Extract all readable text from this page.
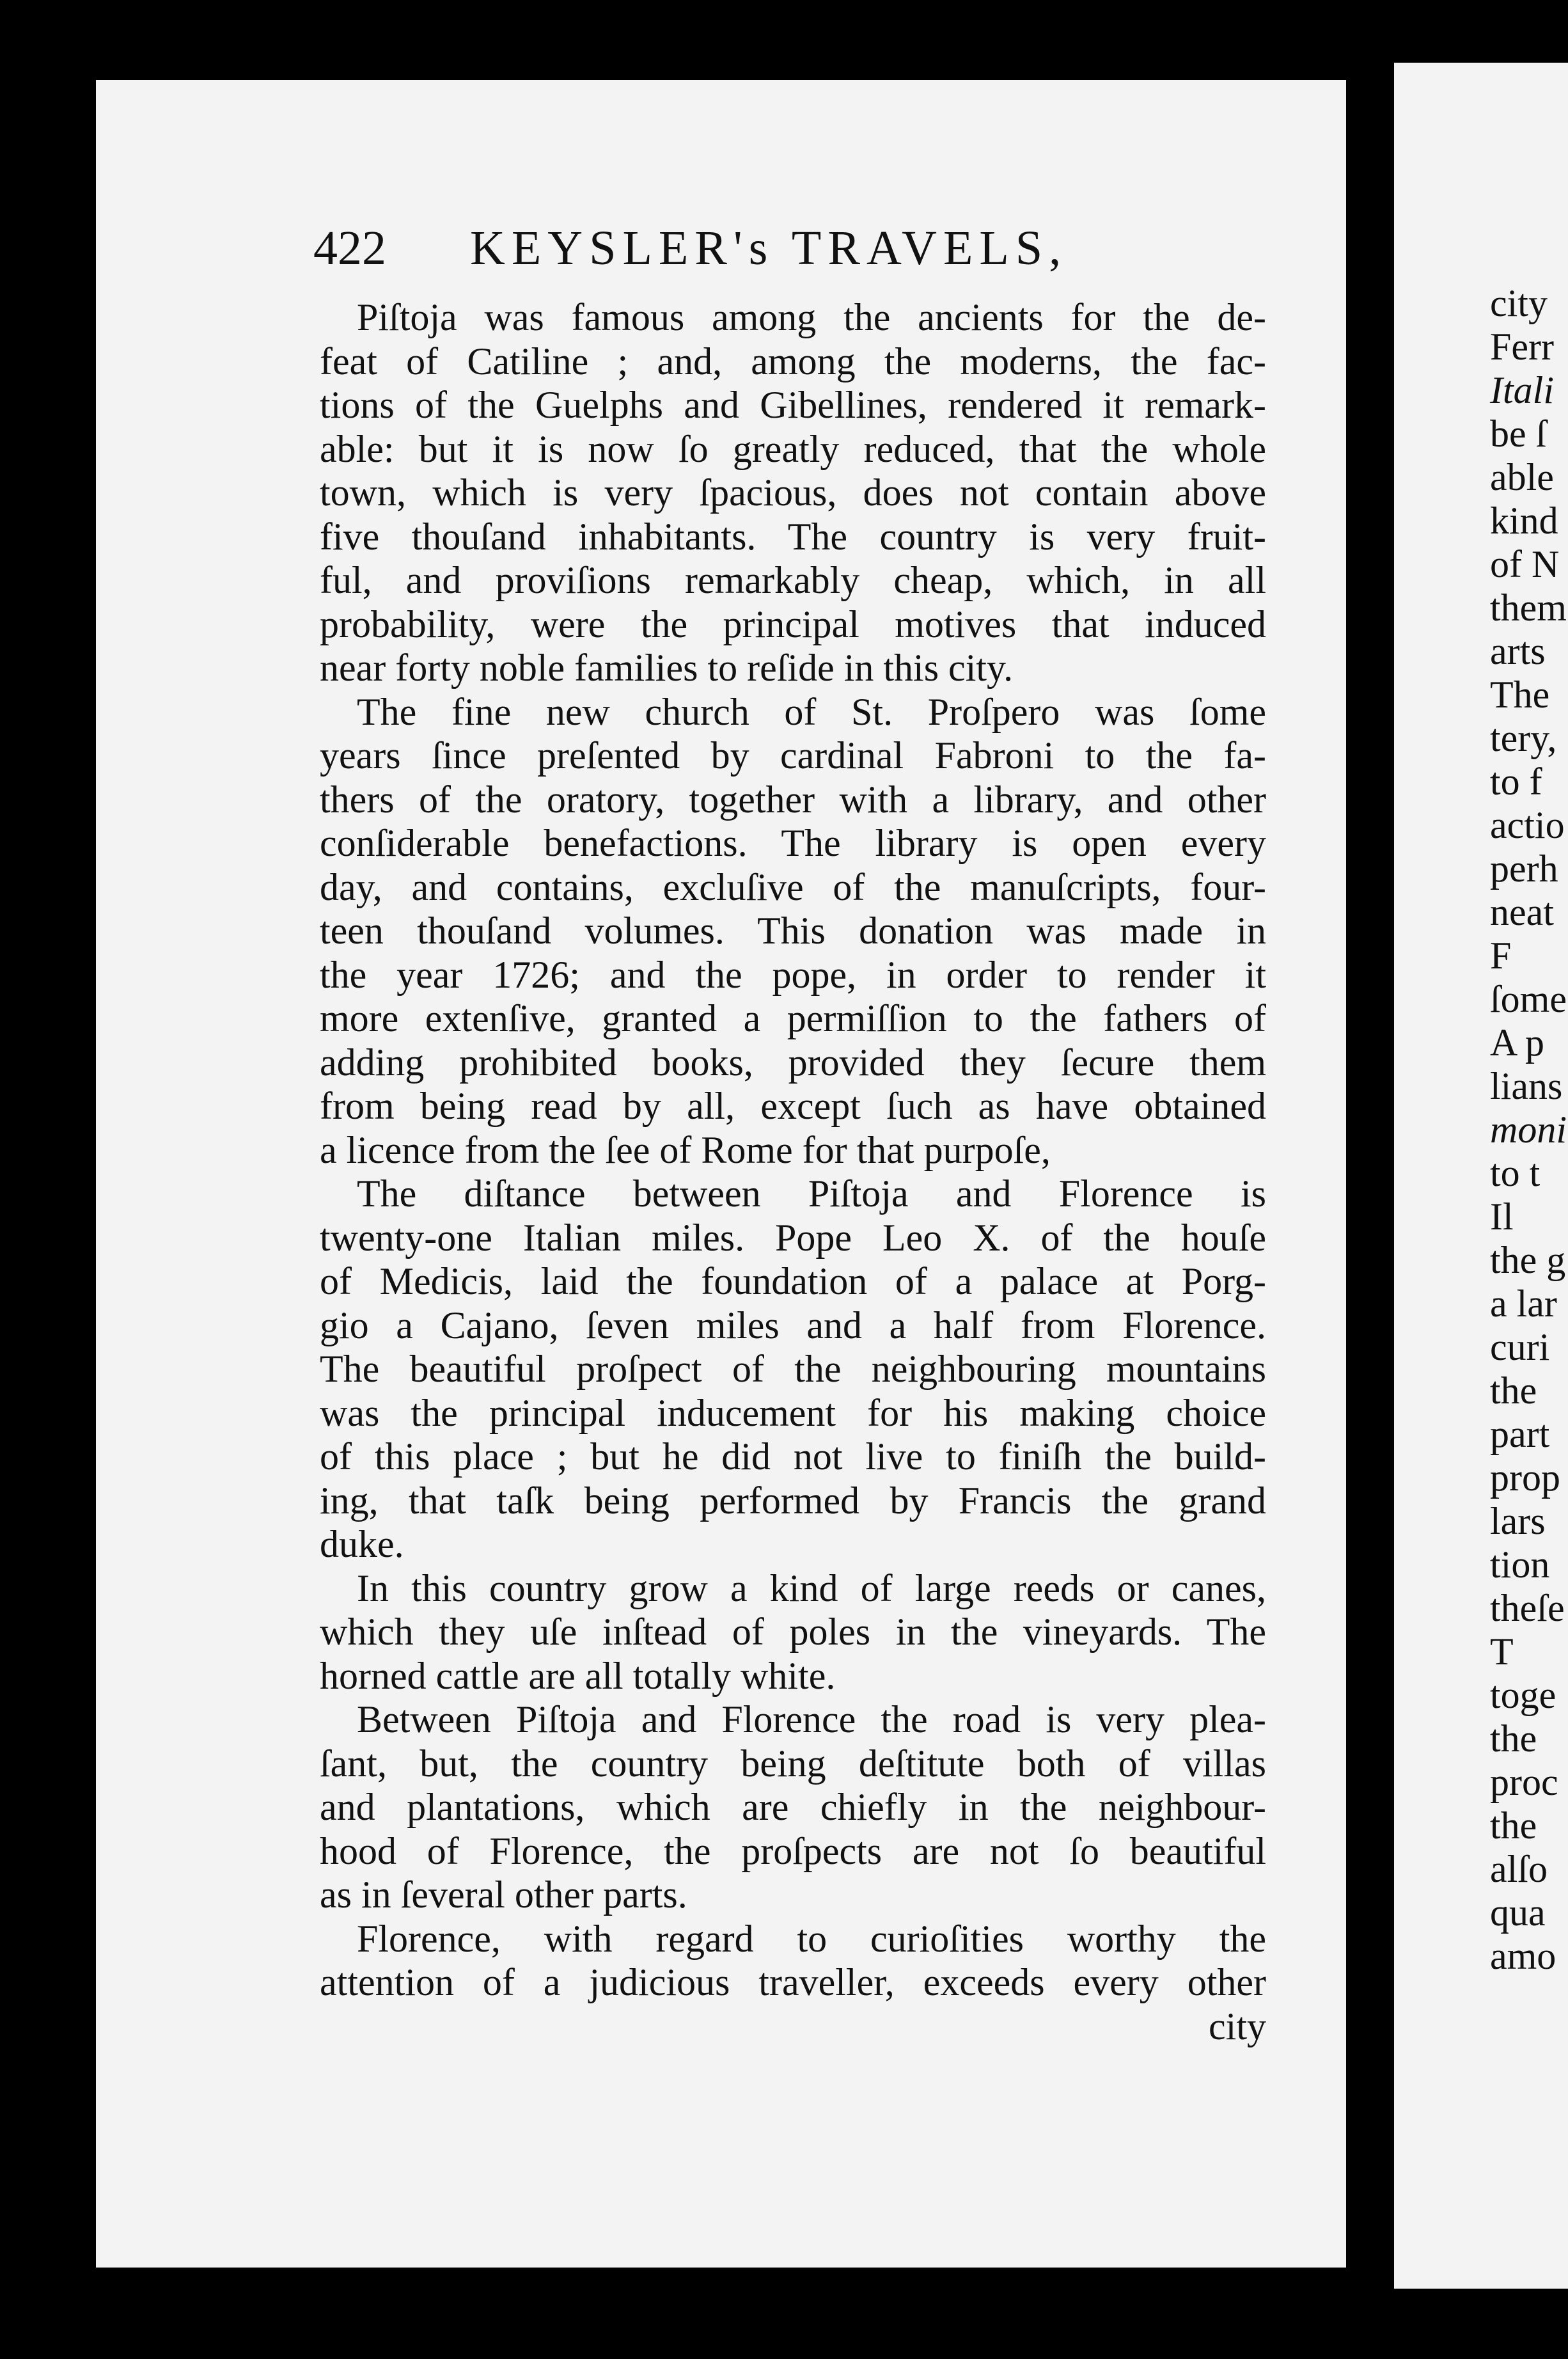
422 KEYSLER's TRAVELS,
Piſtoja was famous among the ancients for the de-
feat of Catiline ; and, among the moderns, the fac-
tions of the Guelphs and Gibellines, rendered it remark-
able: but it is now ſo greatly reduced, that the whole
town, which is very ſpacious, does not contain above
five thouſand inhabitants. The country is very fruit-
ful, and proviſions remarkably cheap, which, in all
probability, were the principal motives that induced
near forty noble families to reſide in this city.
The fine new church of St. Proſpero was ſome
years ſince preſented by cardinal Fabroni to the fa-
thers of the oratory, together with a library, and other
conſiderable benefactions. The library is open every
day, and contains, excluſive of the manuſcripts, four-
teen thouſand volumes. This donation was made in
the year 1726; and the pope, in order to render it
more extenſive, granted a permiſſion to the fathers of
adding prohibited books, provided they ſecure them
from being read by all, except ſuch as have obtained
a licence from the ſee of Rome for that purpoſe,
The diſtance between Piſtoja and Florence is
twenty-one Italian miles. Pope Leo X. of the houſe
of Medicis, laid the foundation of a palace at Porg-
gio a Cajano, ſeven miles and a half from Florence.
The beautiful proſpect of the neighbouring mountains
was the principal inducement for his making choice
of this place ; but he did not live to finiſh the build-
ing, that taſk being performed by Francis the grand
duke.
In this country grow a kind of large reeds or canes,
which they uſe inſtead of poles in the vineyards. The
horned cattle are all totally white.
Between Piſtoja and Florence the road is very plea-
ſant, but, the country being deſtitute both of villas
and plantations, which are chiefly in the neighbour-
hood of Florence, the proſpects are not ſo beautiful
as in ſeveral other parts.
Florence, with regard to curioſities worthy the
attention of a judicious traveller, exceeds every other
city
city
Ferr
Itali
be ſ
able
kind
of N
them
arts
The
tery,
to f
actio
perh
neat
F
ſome
A p
lians
moni
to t
Il
the g
a lar
curi
the
part
prop
lars
tion
theſe
T
toge
the
proc
the
alſo
qua
amo
